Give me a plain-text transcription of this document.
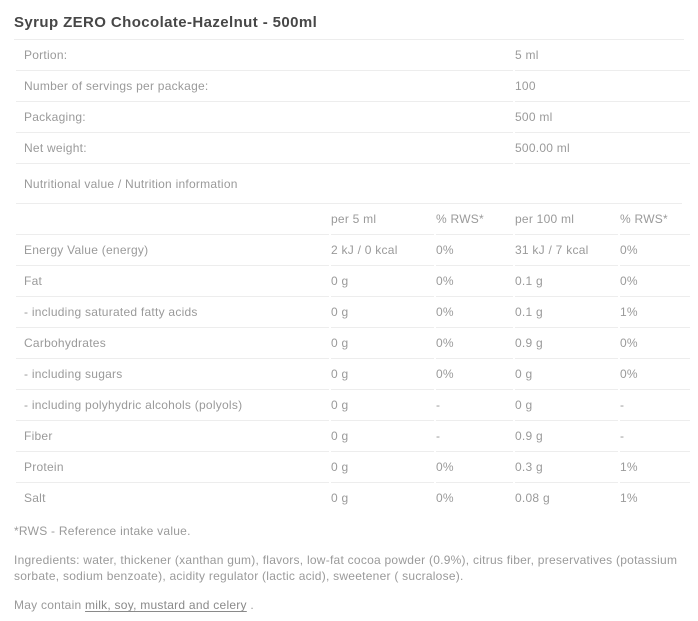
Syrup ZERO Chocolate-Hazelnut - 500ml
Portion:	5 ml
Number of servings per package:	100
Packaging:	500 ml
Net weight:	500.00 ml
Nutritional value / Nutrition information
	per 5 ml	% RWS*	per 100 ml	% RWS*
Energy Value (energy)	2 kJ / 0 kcal	0%	31 kJ / 7 kcal	0%
Fat	0 g	0%	0.1 g	0%
- including saturated fatty acids	0 g	0%	0.1 g	1%
Carbohydrates	0 g	0%	0.9 g	0%
- including sugars	0 g	0%	0 g	0%
- including polyhydric alcohols (polyols)	0 g	-	0 g	-
Fiber	0 g	-	0.9 g	-
Protein	0 g	0%	0.3 g	1%
Salt	0 g	0%	0.08 g	1%

*RWS - Reference intake value.

Ingredients: water, thickener (xanthan gum), flavors, low-fat cocoa powder (0.9%), citrus fiber, preservatives (potassium sorbate, sodium benzoate), acidity regulator (lactic acid), sweetener ( sucralose).

May contain milk, soy, mustard and celery .
